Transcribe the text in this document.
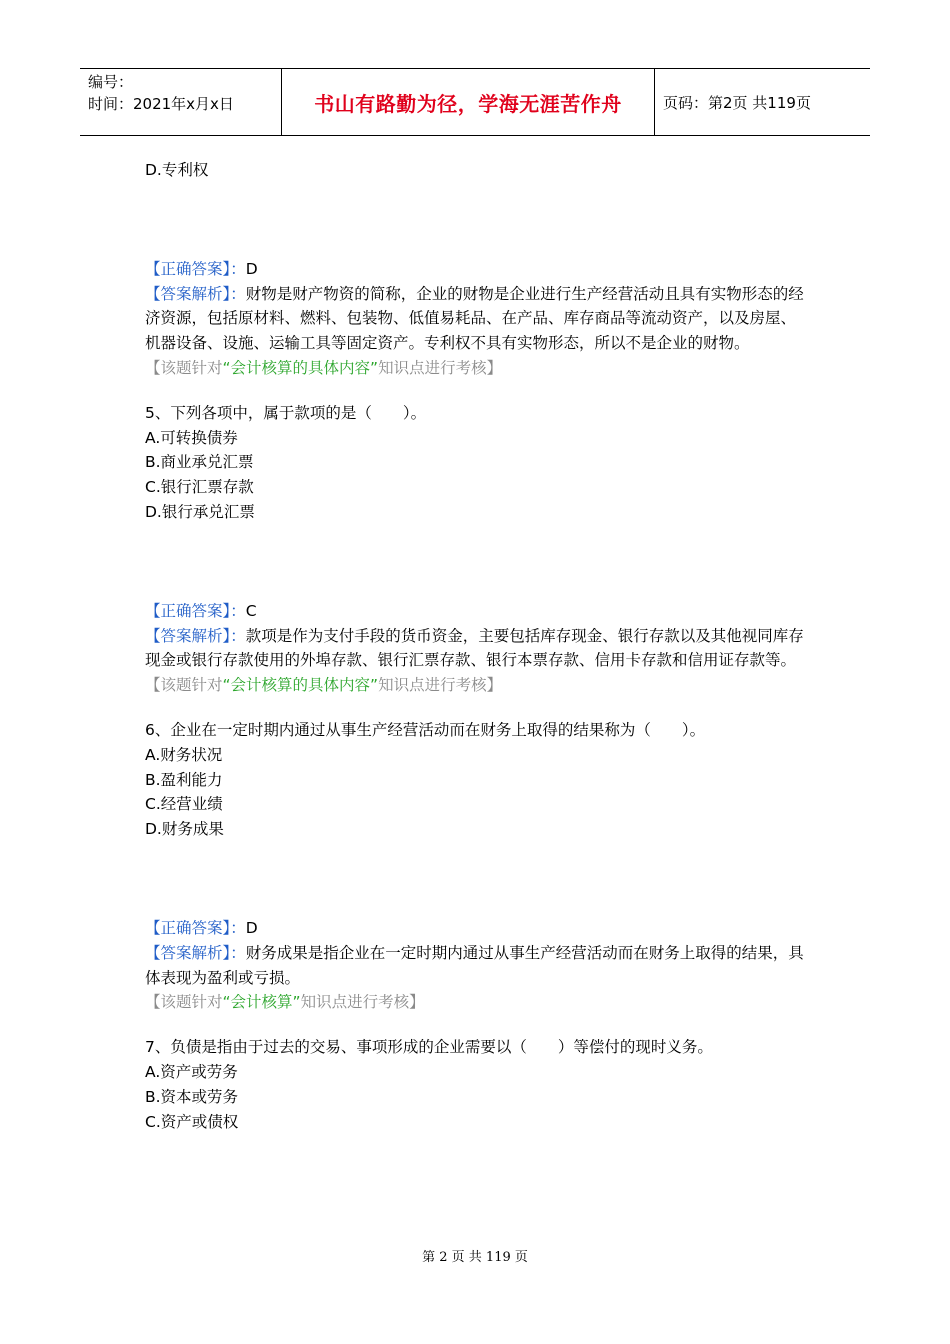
编号：
时间：2021年x月x日	书山有路勤为径，学海无涯苦作舟	页码：第2页 共119页
D.专利权
【正确答案】：D
【答案解析】：财物是财产物资的简称，企业的财物是企业进行生产经营活动且具有实物形态的经济资源，包括原材料、燃料、包装物、低值易耗品、在产品、库存商品等流动资产，以及房屋、机器设备、设施、运输工具等固定资产。专利权不具有实物形态，所以不是企业的财物。
【该题针对“会计核算的具体内容”知识点进行考核】
5、下列各项中，属于款项的是（　　）。
A.可转换债券
B.商业承兑汇票
C.银行汇票存款
D.银行承兑汇票
【正确答案】：C
【答案解析】：款项是作为支付手段的货币资金，主要包括库存现金、银行存款以及其他视同库存现金或银行存款使用的外埠存款、银行汇票存款、银行本票存款、信用卡存款和信用证存款等。
【该题针对“会计核算的具体内容”知识点进行考核】
6、企业在一定时期内通过从事生产经营活动而在财务上取得的结果称为（　　）。
A.财务状况
B.盈利能力
C.经营业绩
D.财务成果
【正确答案】：D
【答案解析】：财务成果是指企业在一定时期内通过从事生产经营活动而在财务上取得的结果，具体表现为盈利或亏损。
【该题针对“会计核算”知识点进行考核】
7、负债是指由于过去的交易、事项形成的企业需要以（　　）等偿付的现时义务。
A.资产或劳务
B.资本或劳务
C.资产或债权
第 2 页 共 119 页
